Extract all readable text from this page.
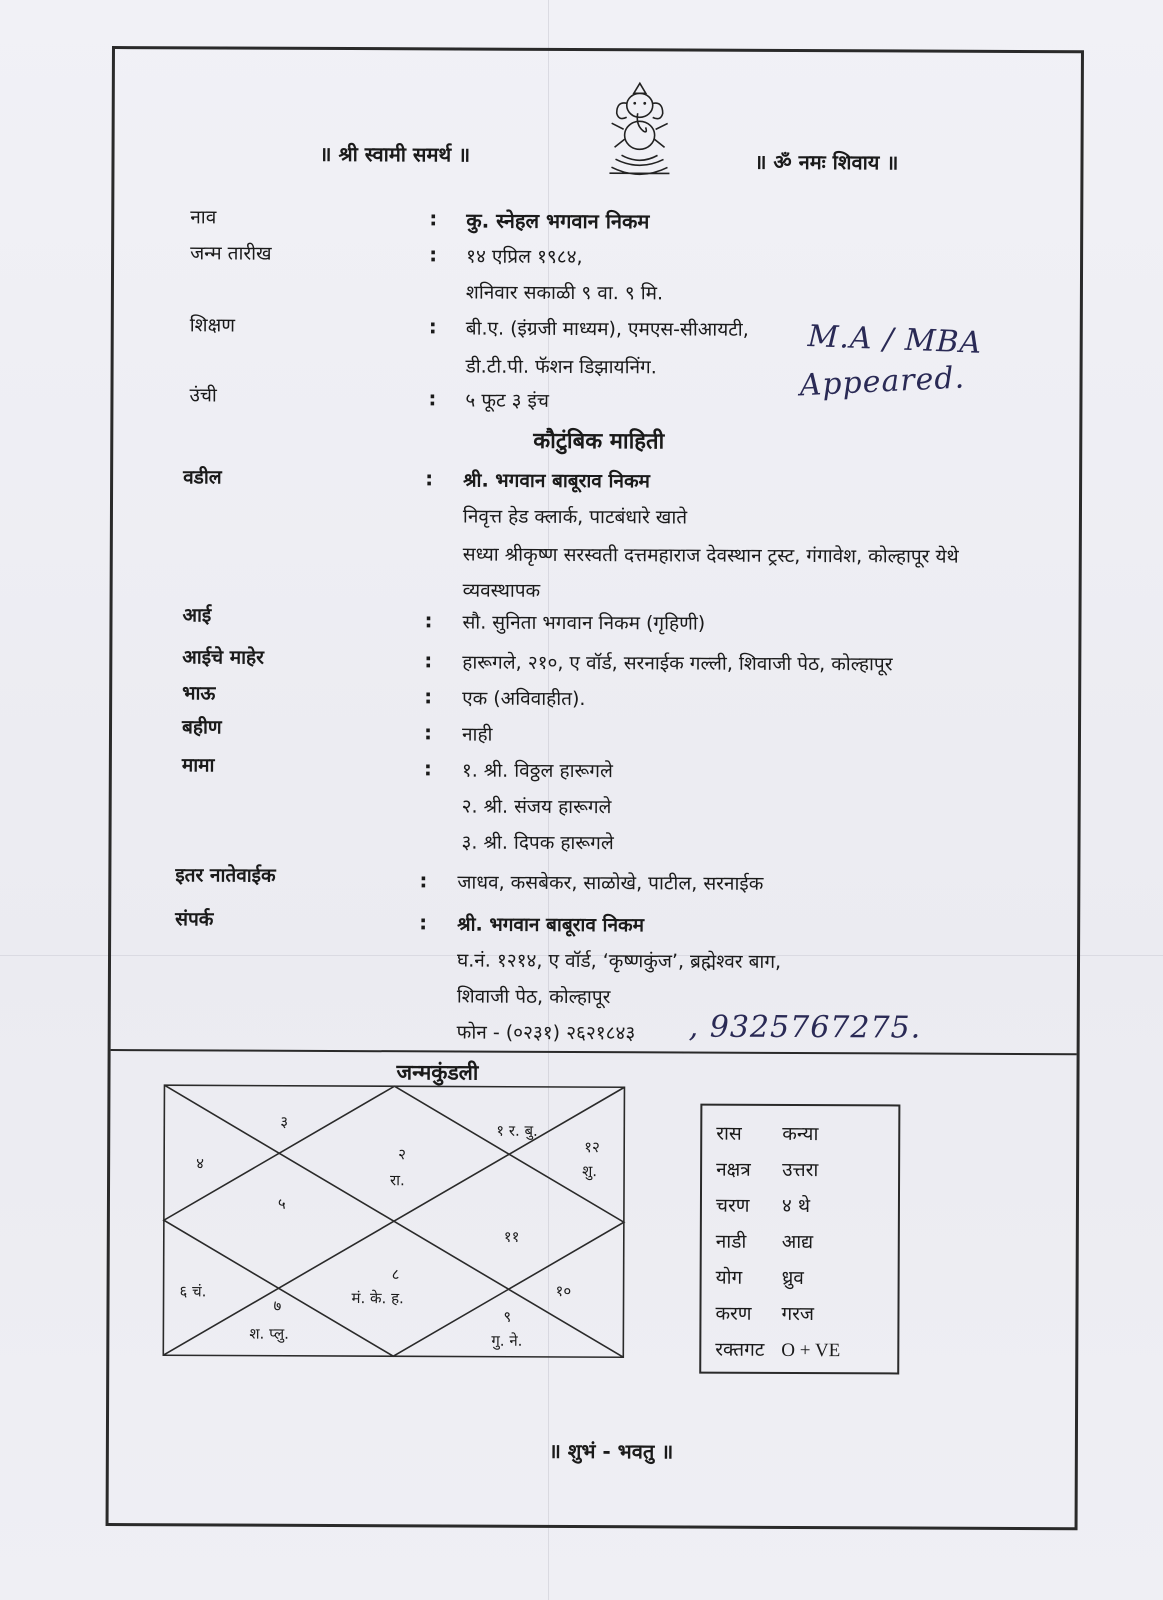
॥ श्री स्वामी समर्थ ॥	॥ ॐ नमः शिवाय ॥
नाव	: कु. स्नेहल भगवान निकम
जन्म तारीख	: १४ एप्रिल १९८४,
शनिवार सकाळी ९ वा. ९ मि.
शिक्षण	: बी.ए. (इंग्रजी माध्यम), एमएस-सीआयटी,
डी.टी.पी. फॅशन डिझायनिंग.
M.A / MBA
Appeared.
उंची	: ५ फूट ३ इंच
कौटुंबिक माहिती
वडील	: श्री. भगवान बाबूराव निकम
निवृत्त हेड क्लार्क, पाटबंधारे खाते
सध्या श्रीकृष्ण सरस्वती दत्तमहाराज देवस्थान ट्रस्ट, गंगावेश, कोल्हापूर येथे
व्यवस्थापक
आई	: सौ. सुनिता भगवान निकम (गृहिणी)
आईचे माहेर	: हारूगले, २१०, ए वॉर्ड, सरनाईक गल्ली, शिवाजी पेठ, कोल्हापूर
भाऊ	: एक (अविवाहीत).
बहीण	: नाही
मामा	: १. श्री. विठ्ठल हारूगले
२. श्री. संजय हारूगले
३. श्री. दिपक हारूगले
इतर नातेवाईक	: जाधव, कसबेकर, साळोखे, पाटील, सरनाईक
संपर्क	: श्री. भगवान बाबूराव निकम
घ.नं. १२१४, ए वॉर्ड, ‘कृष्णकुंज’, ब्रह्मेश्वर बाग,
शिवाजी पेठ, कोल्हापूर
फोन - (०२३१) २६२१८४३ , 9325767275.
जन्मकुंडली
३
२
रा.
१ र. बु.
१२
शु.
४
५
११
६ चं.
७
श. प्लु.
८
मं. के. ह.
९
गु. ने.
१०
रास कन्या
नक्षत्र उत्तरा
चरण ४ थे
नाडी आद्य
योग ध्रुव
करण गरज
रक्तगट O + VE
॥ शुभं - भवतु ॥
